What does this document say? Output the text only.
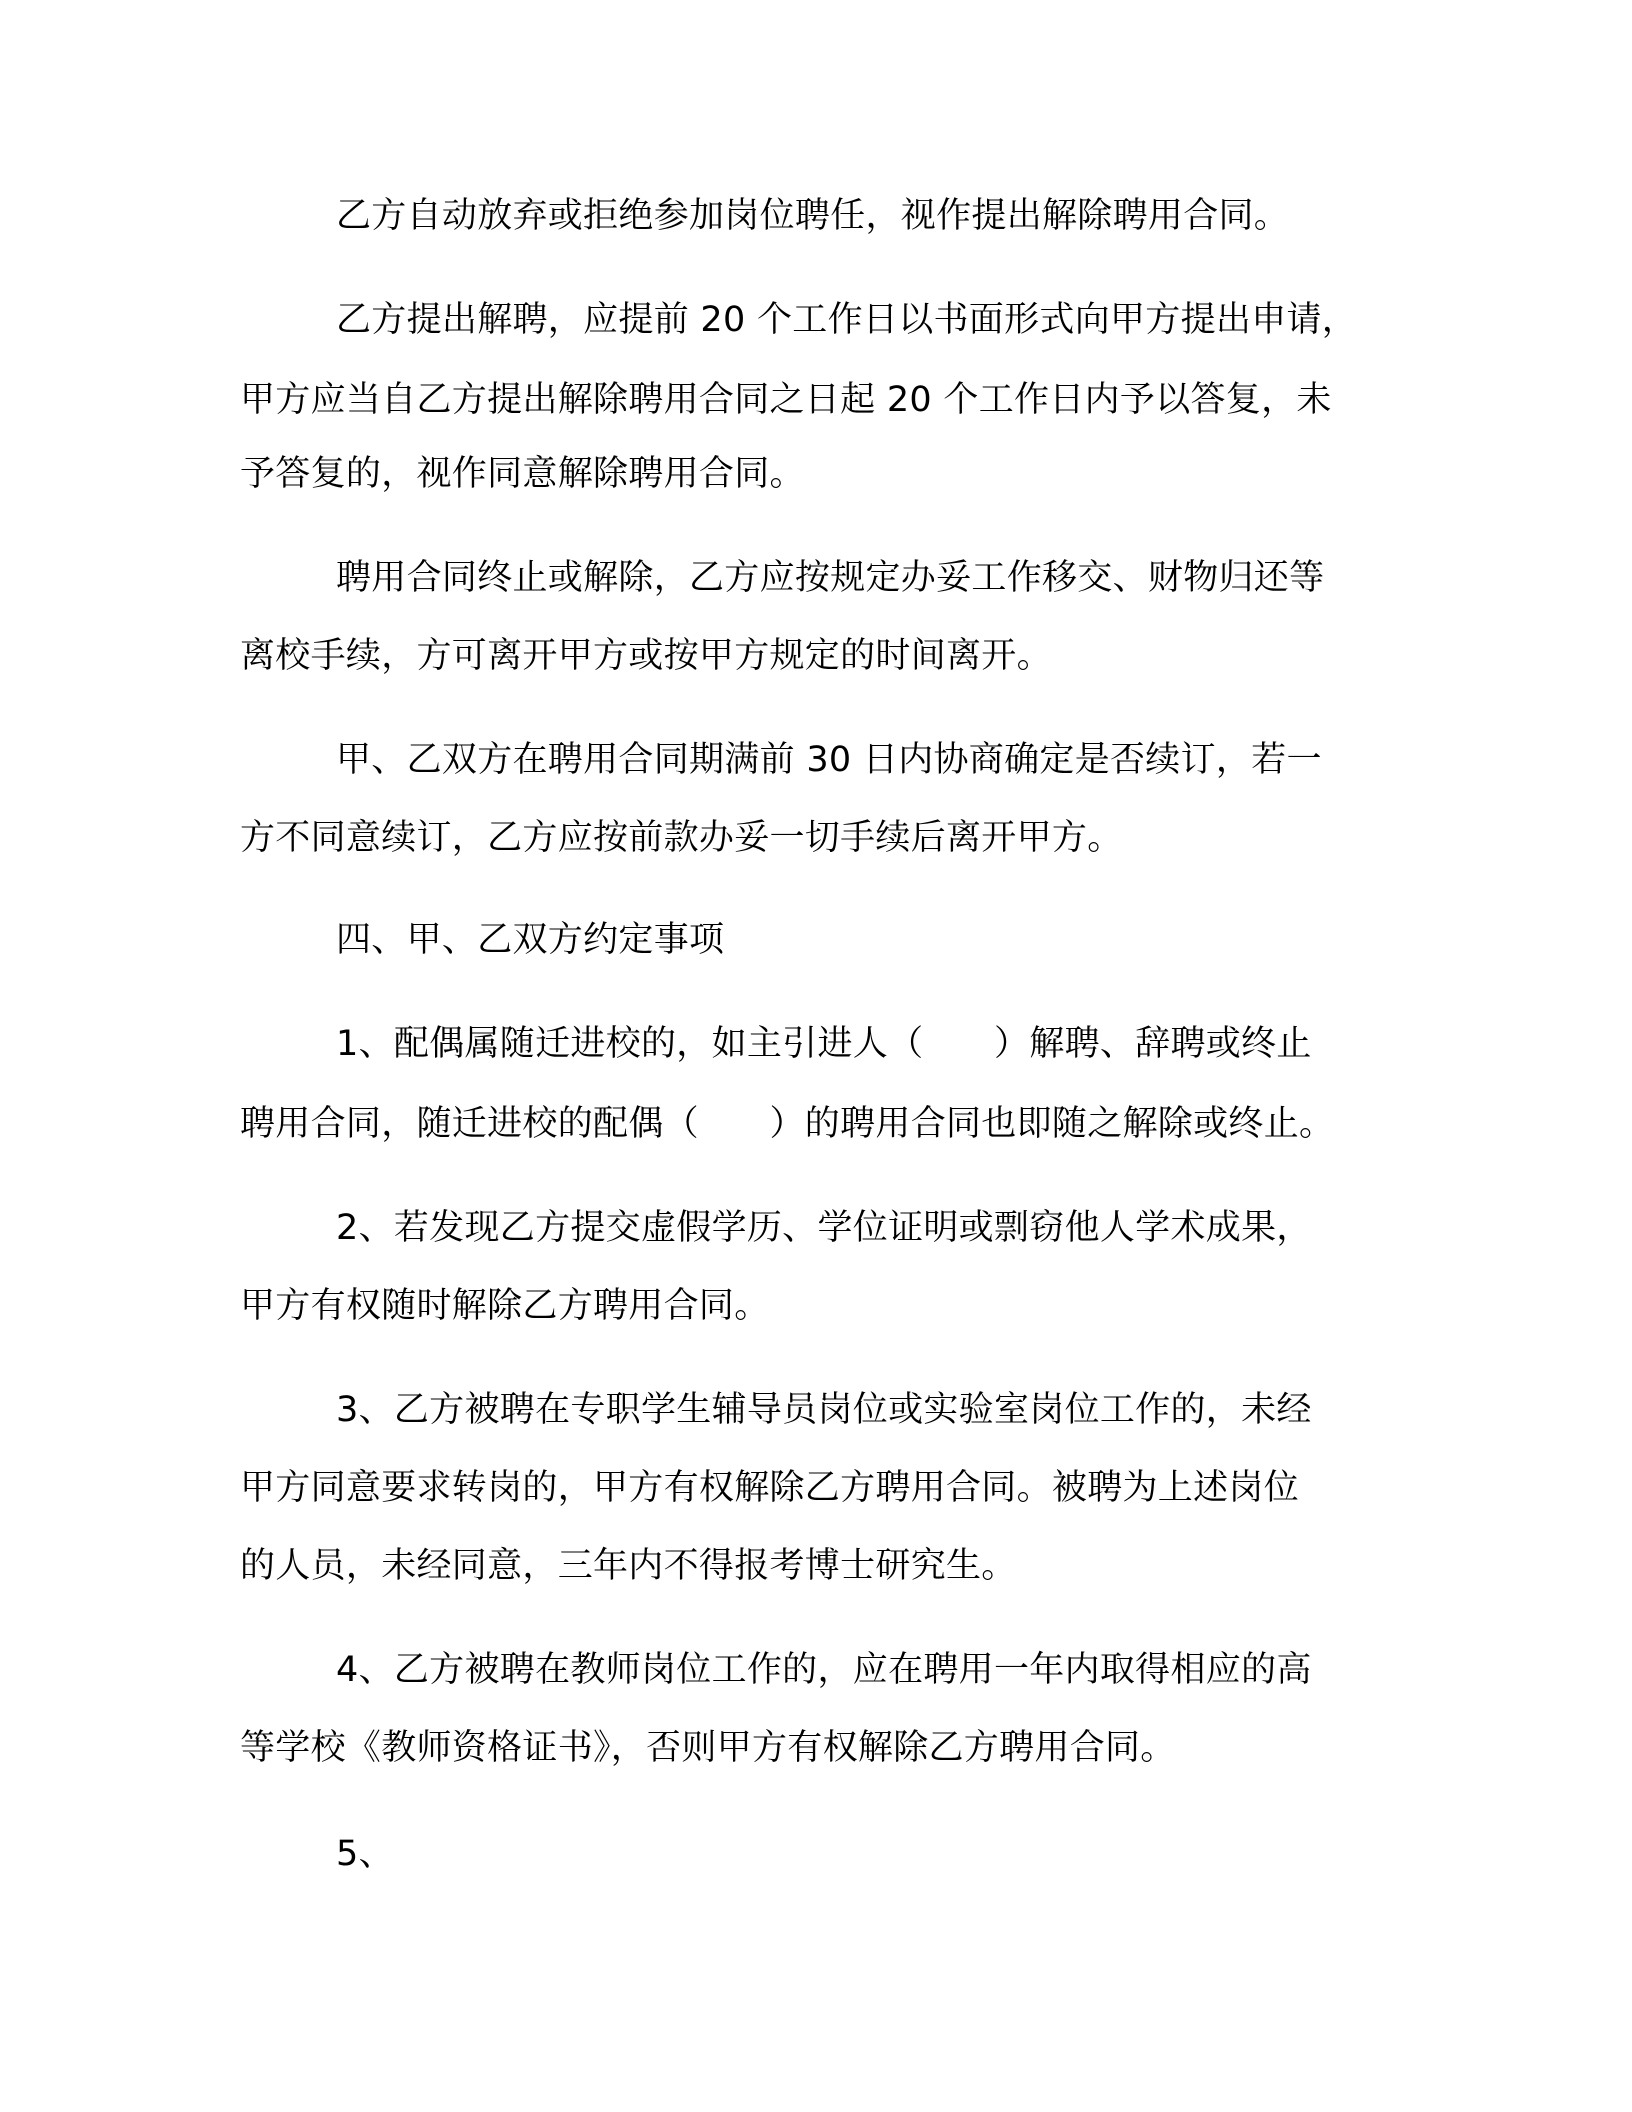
乙方自动放弃或拒绝参加岗位聘任，视作提出解除聘用合同。

乙方提出解聘，应提前 20 个工作日以书面形式向甲方提出申请，

甲方应当自乙方提出解除聘用合同之日起 20 个工作日内予以答复，未

予答复的，视作同意解除聘用合同。

聘用合同终止或解除，乙方应按规定办妥工作移交、财物归还等

离校手续，方可离开甲方或按甲方规定的时间离开。

甲、乙双方在聘用合同期满前 30 日内协商确定是否续订，若一

方不同意续订，乙方应按前款办妥一切手续后离开甲方。

四、甲、乙双方约定事项

1、配偶属随迁进校的，如主引进人（　　）解聘、辞聘或终止

聘用合同，随迁进校的配偶（　　）的聘用合同也即随之解除或终止。

2、若发现乙方提交虚假学历、学位证明或剽窃他人学术成果，

甲方有权随时解除乙方聘用合同。

3、乙方被聘在专职学生辅导员岗位或实验室岗位工作的，未经

甲方同意要求转岗的，甲方有权解除乙方聘用合同。被聘为上述岗位

的人员，未经同意，三年内不得报考博士研究生。

4、乙方被聘在教师岗位工作的，应在聘用一年内取得相应的高

等学校《教师资格证书》，否则甲方有权解除乙方聘用合同。

5、
